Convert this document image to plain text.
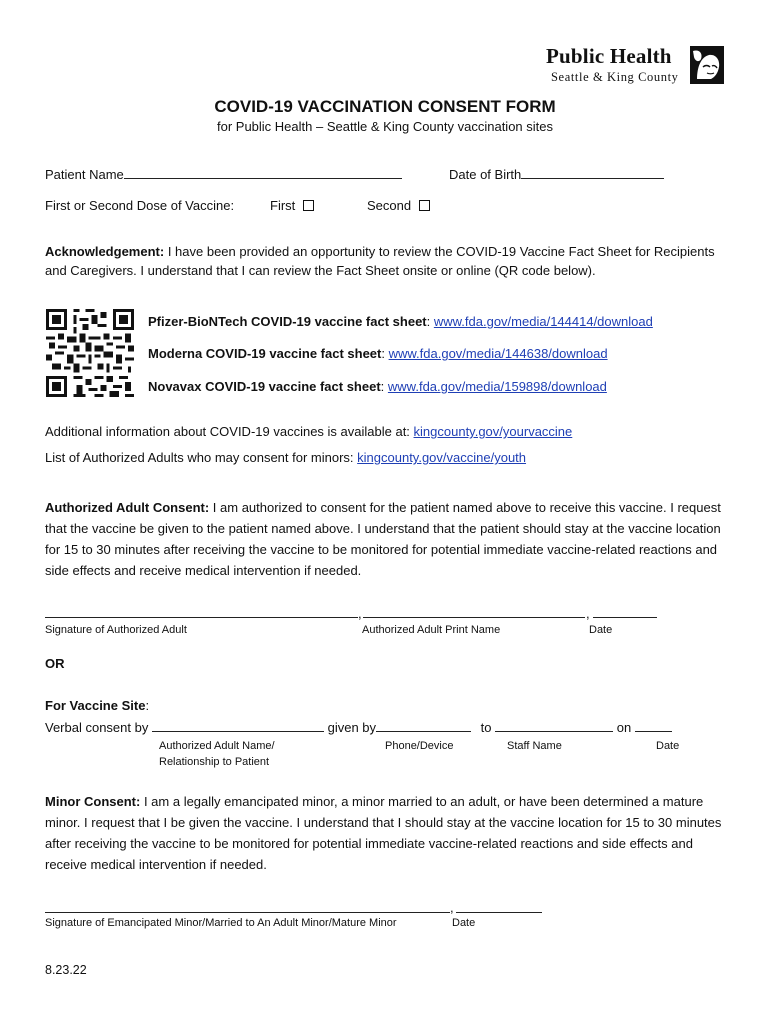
Public Health
Seattle & King County
COVID-19 VACCINATION CONSENT FORM
for Public Health – Seattle & King County vaccination sites
Patient Name	Date of Birth
First or Second Dose of Vaccine:	First	Second
Acknowledgement: I have been provided an opportunity to review the COVID-19 Vaccine Fact Sheet for Recipients and Caregivers. I understand that I can review the Fact Sheet onsite or online (QR code below).
Pfizer-BioNTech COVID-19 vaccine fact sheet: www.fda.gov/media/144414/download
Moderna COVID-19 vaccine fact sheet: www.fda.gov/media/144638/download
Novavax COVID-19 vaccine fact sheet: www.fda.gov/media/159898/download
Additional information about COVID-19 vaccines is available at: kingcounty.gov/yourvaccine
List of Authorized Adults who may consent for minors: kingcounty.gov/vaccine/youth
Authorized Adult Consent: I am authorized to consent for the patient named above to receive this vaccine. I request that the vaccine be given to the patient named above. I understand that the patient should stay at the vaccine location for 15 to 30 minutes after receiving the vaccine to be monitored for potential immediate vaccine-related reactions and side effects and receive medical intervention if needed.
,	,
Signature of Authorized Adult	Authorized Adult Print Name	Date
OR
For Vaccine Site:
Verbal consent by	given by	to	on
Authorized Adult Name/
Relationship to Patient
Phone/Device	Staff Name	Date
Minor Consent: I am a legally emancipated minor, a minor married to an adult, or have been determined a mature minor. I request that I be given the vaccine. I understand that I should stay at the vaccine location for 15 to 30 minutes after receiving the vaccine to be monitored for potential immediate vaccine-related reactions and side effects and receive medical intervention if needed.
,
Signature of Emancipated Minor/Married to An Adult Minor/Mature Minor	Date
8.23.22
